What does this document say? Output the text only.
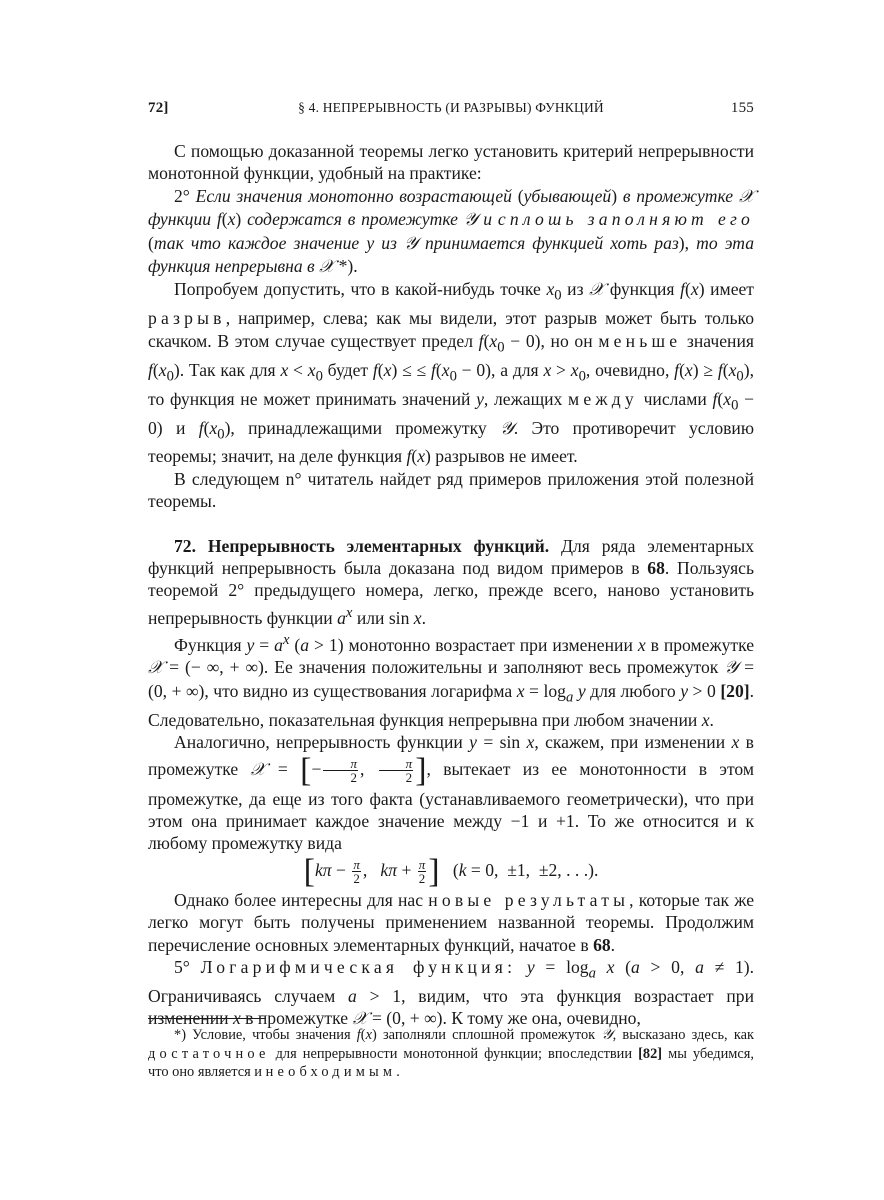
72]	§ 4. НЕПРЕРЫВНОСТЬ (И РАЗРЫВЫ) ФУНКЦИЙ	155

С помощью доказанной теоремы легко установить критерий непрерывности монотонной функции, удобный на практике:

2° Если значения монотонно возрастающей (убывающей) в промежутке 𝒳 функции f(x) содержатся в промежутке 𝒴 и сплошь заполняют его (так что каждое значение y из 𝒴 принимается функцией хоть раз), то эта функция непрерывна в 𝒳 *).

Попробуем допустить, что в какой-нибудь точке $x_0$ из 𝒳 функция f(x) имеет разрыв, например, слева; как мы видели, этот разрыв может быть только скачком. В этом случае существует предел $f(x_0 - 0)$, но он меньше значения $f(x_0)$. Так как для $x < x_0$ будет f(x) ≤ ≤ $f(x_0 - 0)$, а для $x > x_0$, очевидно, $f(x) \ge f(x_0)$, то функция не может принимать значений y, лежащих между числами $f(x_0 - 0)$ и $f(x_0)$, принадлежащими промежутку 𝒴. Это противоречит условию теоремы; значит, на деле функция f(x) разрывов не имеет.

В следующем n° читатель найдет ряд примеров приложения этой полезной теоремы.

72. Непрерывность элементарных функций. Для ряда элементарных функций непрерывность была доказана под видом примеров в 68. Пользуясь теоремой 2° предыдущего номера, легко, прежде всего, наново установить непрерывность функции $a^x$ или sin x.

Функция $y = a^x$ (a > 1) монотонно возрастает при изменении x в промежутке 𝒳 = (− ∞, + ∞). Ее значения положительны и заполняют весь промежуток 𝒴 = (0, + ∞), что видно из существования логарифма $x = \log_a y$ для любого y > 0 [20]. Следовательно, показательная функция непрерывна при любом значении x.

Аналогично, непрерывность функции y = sin x, скажем, при изменении x в промежутке 𝒳 = [− $\frac{\pi}{2}$ , $\frac{\pi}{2}$ ], вытекает из ее монотонности в этом промежутке, да еще из того факта (устанавливаемого геометрически), что при этом она принимает каждое значение между −1 и +1. То же относится и к любому промежутку вида

[$k\pi - \frac{\pi}{2}$ ,   $k\pi + \frac{\pi}{2}$ ]   (k = 0,  ±1,  ±2, . . .).

Однако более интересны для нас новые результаты, которые так же легко могут быть получены применением названной теоремы. Продолжим перечисление основных элементарных функций, начатое в 68.

5° Логарифмическая функция: $y = \log_a x$ (a > 0, a ≠ 1). Ограничиваясь случаем a > 1, видим, что эта функция возрастает при изменении x в промежутке 𝒳 = (0, + ∞). К тому же она, очевидно,

*) Условие, чтобы значения f(x) заполняли сплошной промежуток 𝒴, высказано здесь, как достаточное для непрерывности монотонной функции; впоследствии [82] мы убедимся, что оно является и необходимым.
